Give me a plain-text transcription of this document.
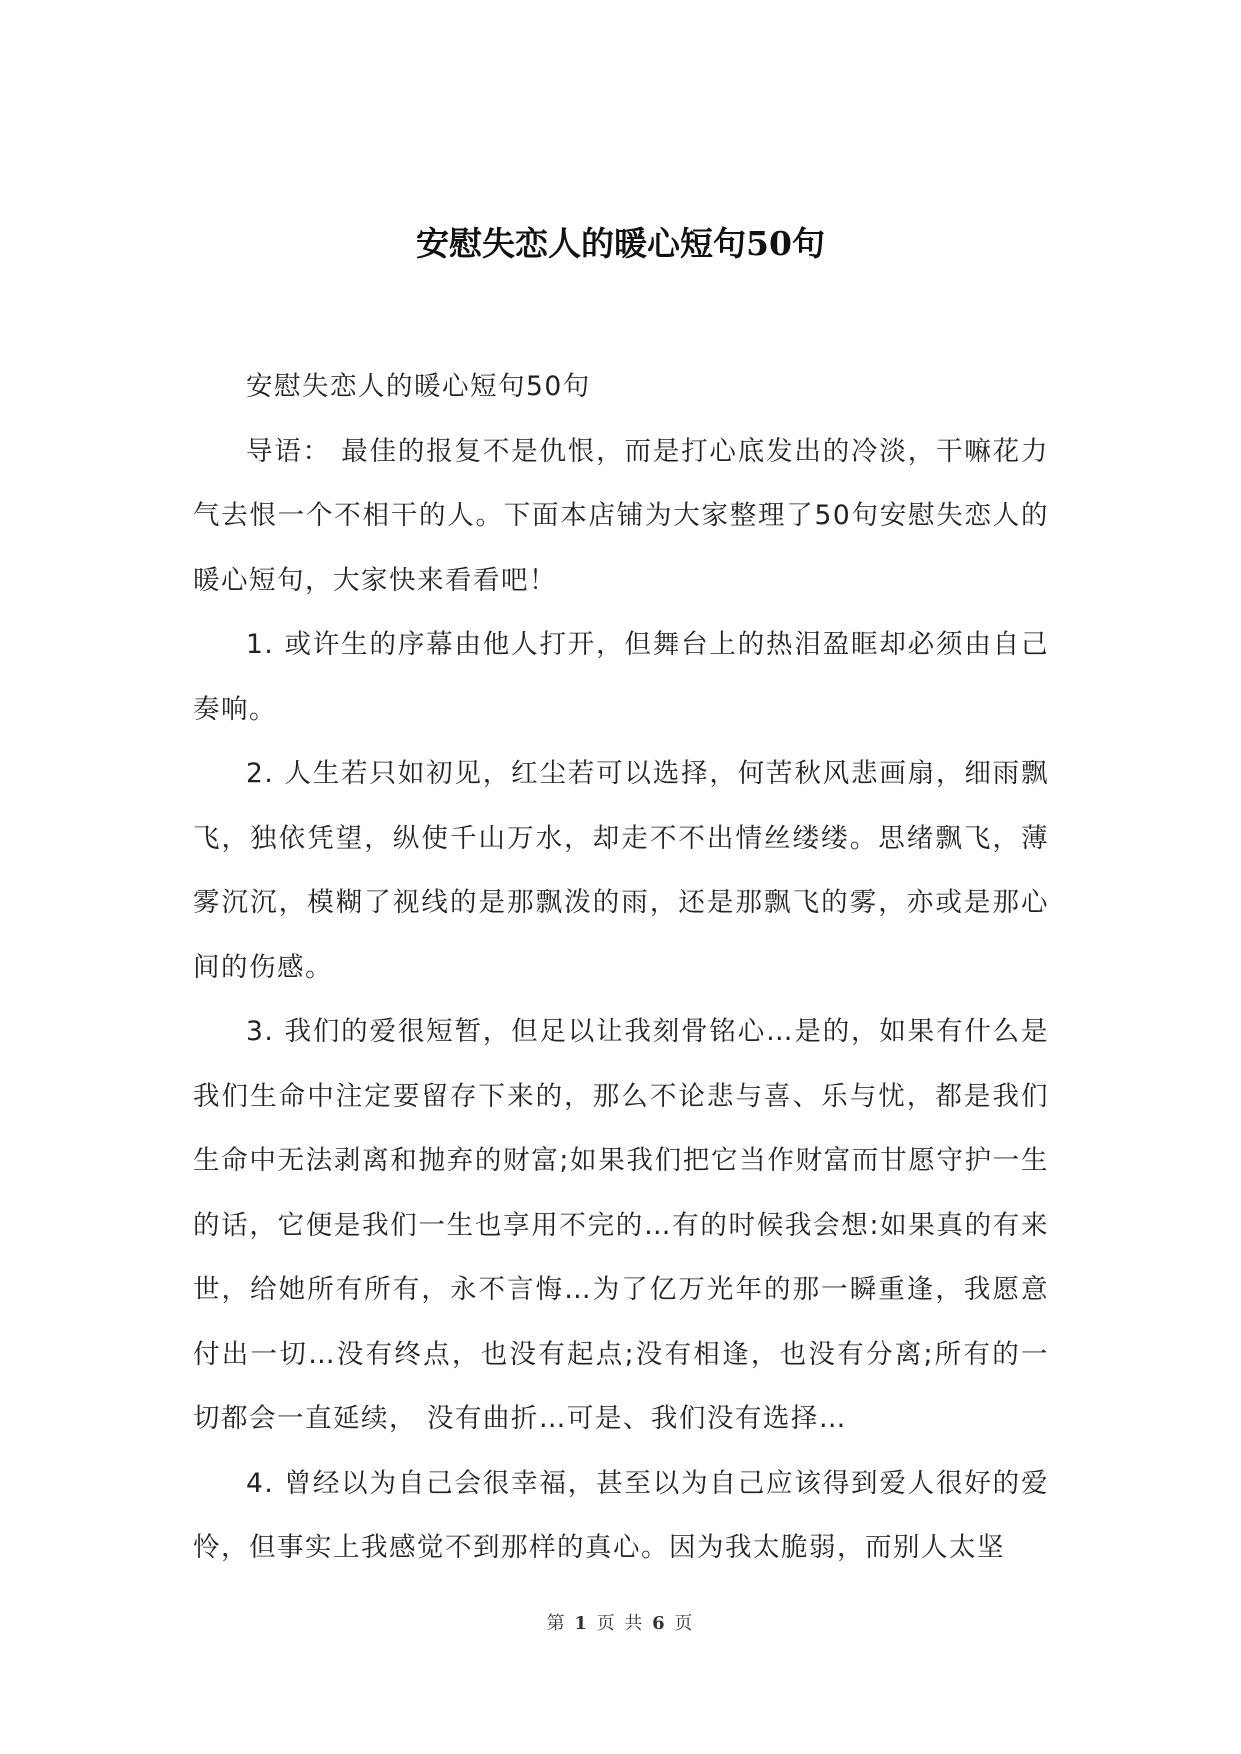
安慰失恋人的暖心短句50句

安慰失恋人的暖心短句50句

导语： 最佳的报复不是仇恨，而是打心底发出的冷淡，干嘛花力气去恨一个不相干的人。下面本店铺为大家整理了50句安慰失恋人的暖心短句，大家快来看看吧！

1. 或许生的序幕由他人打开，但舞台上的热泪盈眶却必须由自己奏响。

2. 人生若只如初见，红尘若可以选择，何苦秋风悲画扇，细雨飘飞，独依凭望，纵使千山万水，却走不不出情丝缕缕。思绪飘飞，薄雾沉沉，模糊了视线的是那飘泼的雨，还是那飘飞的雾，亦或是那心间的伤感。

3. 我们的爱很短暂，但足以让我刻骨铭心…是的，如果有什么是我们生命中注定要留存下来的，那么不论悲与喜、乐与忧，都是我们生命中无法剥离和抛弃的财富;如果我们把它当作财富而甘愿守护一生的话，它便是我们一生也享用不完的…有的时候我会想:如果真的有来世，给她所有所有，永不言悔…为了亿万光年的那一瞬重逢，我愿意付出一切…没有终点，也没有起点;没有相逢，也没有分离;所有的一切都会一直延续， 没有曲折…可是、我们没有选择…

4. 曾经以为自己会很幸福，甚至以为自己应该得到爱人很好的爱怜，但事实上我感觉不到那样的真心。因为我太脆弱，而别人太坚

第 1 页 共 6 页
